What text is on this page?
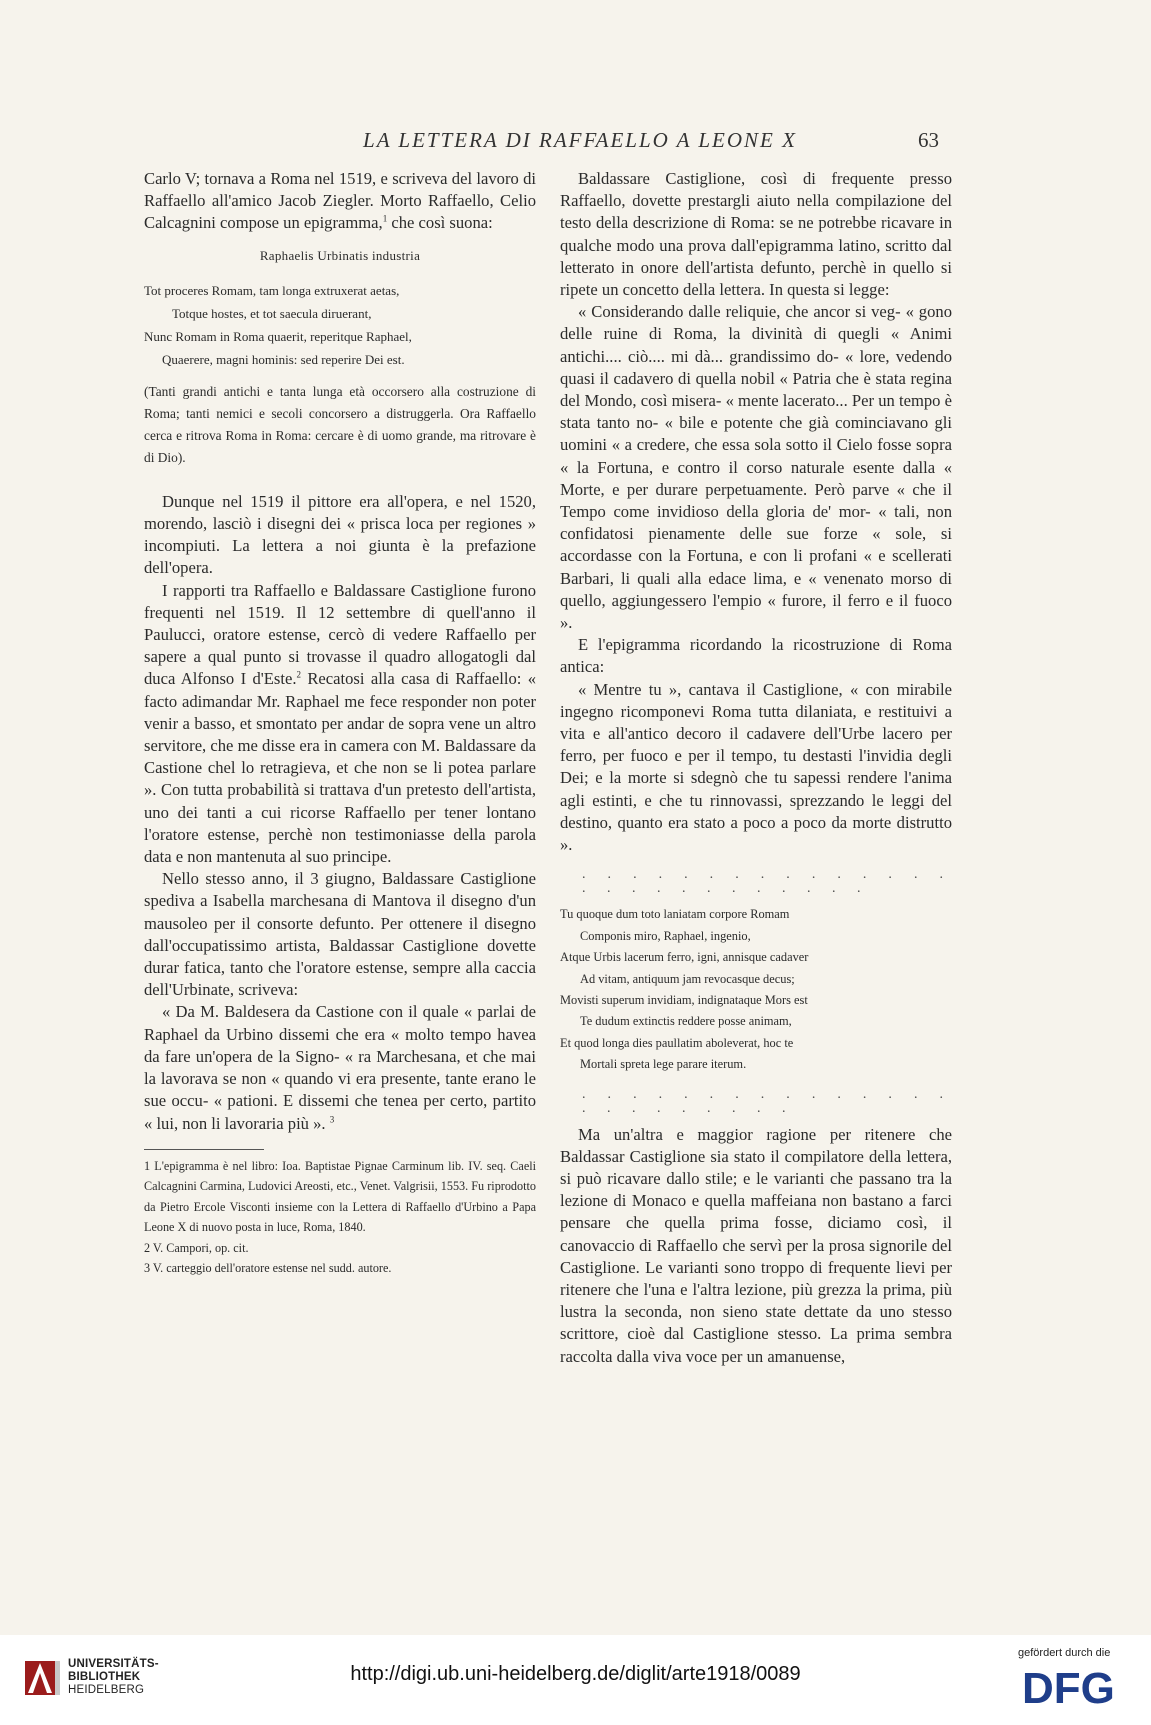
LA LETTERA DI RAFFAELLO A LEONE X	63

Carlo V; tornava a Roma nel 1519, e scriveva del lavoro di Raffaello all'amico Jacob Ziegler. Morto Raffaello, Celio Calcagnini compose un epigramma,$^1$ che così suona:

Raphaelis Urbinatis industria

Tot proceres Romam, tam longa extruxerat aetas,

Totque hostes, et tot saecula diruerant,

Nunc Romam in Roma quaerit, reperitque Raphael,

Quaerere, magni hominis: sed reperire Dei est.

(Tanti grandi antichi e tanta lunga età occorsero alla costruzione di Roma; tanti nemici e secoli concorsero a distruggerla. Ora Raffaello cerca e ritrova Roma in Roma: cercare è di uomo grande, ma ritrovare è di Dio).

Dunque nel 1519 il pittore era all'opera, e nel 1520, morendo, lasciò i disegni dei « prisca loca per regiones » incompiuti. La lettera a noi giunta è la prefazione dell'opera.

I rapporti tra Raffaello e Baldassare Castiglione furono frequenti nel 1519. Il 12 settembre di quell'anno il Paulucci, oratore estense, cercò di vedere Raffaello per sapere a qual punto si trovasse il quadro allogatogli dal duca Alfonso I d'Este.$^2$ Recatosi alla casa di Raffaello: « facto adimandar Mr. Raphael me fece responder non poter venir a basso, et smontato per andar de sopra vene un altro servitore, che me disse era in camera con M. Baldassare da Castione chel lo retragieva, et che non se li potea parlare ». Con tutta probabilità si trattava d'un pretesto dell'artista, uno dei tanti a cui ricorse Raffaello per tener lontano l'oratore estense, perchè non testimoniasse della parola data e non mantenuta al suo principe.

Nello stesso anno, il 3 giugno, Baldassare Castiglione spediva a Isabella marchesana di Mantova il disegno d'un mausoleo per il consorte defunto. Per ottenere il disegno dall'occupatissimo artista, Baldassar Castiglione dovette durar fatica, tanto che l'oratore estense, sempre alla caccia dell'Urbinate, scriveva:

« Da M. Baldesera da Castione con il quale « parlai de Raphael da Urbino dissemi che era « molto tempo havea da fare un'opera de la Signo- « ra Marchesana, et che mai la lavorava se non « quando vi era presente, tante erano le sue occu- « pationi. E dissemi che tenea per certo, partito « lui, non li lavoraria più ». $^3$

1 L'epigramma è nel libro: Ioa. Baptistae Pignae Carminum lib. IV. seq. Caeli Calcagnini Carmina, Ludovici Areosti, etc., Venet. Valgrisii, 1553. Fu riprodotto da Pietro Ercole Visconti insieme con la Lettera di Raffaello d'Urbino a Papa Leone X di nuovo posta in luce, Roma, 1840.
2 V. Campori, op. cit.
3 V. carteggio dell'oratore estense nel sudd. autore.

Baldassare Castiglione, così di frequente presso Raffaello, dovette prestargli aiuto nella compilazione del testo della descrizione di Roma: se ne potrebbe ricavare in qualche modo una prova dall'epigramma latino, scritto dal letterato in onore dell'artista defunto, perchè in quello si ripete un concetto della lettera. In questa si legge:

« Considerando dalle reliquie, che ancor si veg- « gono delle ruine di Roma, la divinità di quegli « Animi antichi.... ciò.... mi dà... grandissimo do- « lore, vedendo quasi il cadavero di quella nobil « Patria che è stata regina del Mondo, così misera- « mente lacerato... Per un tempo è stata tanto no- « bile e potente che già cominciavano gli uomini « a credere, che essa sola sotto il Cielo fosse sopra « la Fortuna, e contro il corso naturale esente dalla « Morte, e per durare perpetuamente. Però parve « che il Tempo come invidioso della gloria de' mor- « tali, non confidatosi pienamente delle sue forze « sole, si accordasse con la Fortuna, e con li profani « e scellerati Barbari, li quali alla edace lima, e « venenato morso di quello, aggiungessero l'empio « furore, il ferro e il fuoco ».

E l'epigramma ricordando la ricostruzione di Roma antica:

« Mentre tu », cantava il Castiglione, « con mirabile ingegno ricomponevi Roma tutta dilaniata, e restituivi a vita e all'antico decoro il cadavere dell'Urbe lacero per ferro, per fuoco e per il tempo, tu destasti l'invidia degli Dei; e la morte si sdegnò che tu sapessi rendere l'anima agli estinti, e che tu rinnovassi, sprezzando le leggi del destino, quanto era stato a poco a poco da morte distrutto ».

. . . . . . . . . . . . . . . . . . . . . . . . . . .

Tu quoque dum toto laniatam corpore Romam

Componis miro, Raphael, ingenio,

Atque Urbis lacerum ferro, igni, annisque cadaver

Ad vitam, antiquum jam revocasque decus;

Movisti superum invidiam, indignataque Mors est

Te dudum extinctis reddere posse animam,

Et quod longa dies paullatim aboleverat, hoc te

Mortali spreta lege parare iterum.

. . . . . . . . . . . . . . . . . . . . . . . .

Ma un'altra e maggior ragione per ritenere che Baldassar Castiglione sia stato il compilatore della lettera, si può ricavare dallo stile; e le varianti che passano tra la lezione di Monaco e quella maffeiana non bastano a farci pensare che quella prima fosse, diciamo così, il canovaccio di Raffaello che servì per la prosa signorile del Castiglione. Le varianti sono troppo di frequente lievi per ritenere che l'una e l'altra lezione, più grezza la prima, più lustra la seconda, non sieno state dettate da uno stesso scrittore, cioè dal Castiglione stesso. La prima sembra raccolta dalla viva voce per un amanuense,

UNIVERSITÄTS-
BIBLIOTHEK
HEIDELBERG
http://digi.ub.uni-heidelberg.de/diglit/arte1918/0089
gefördert durch die
DFG
